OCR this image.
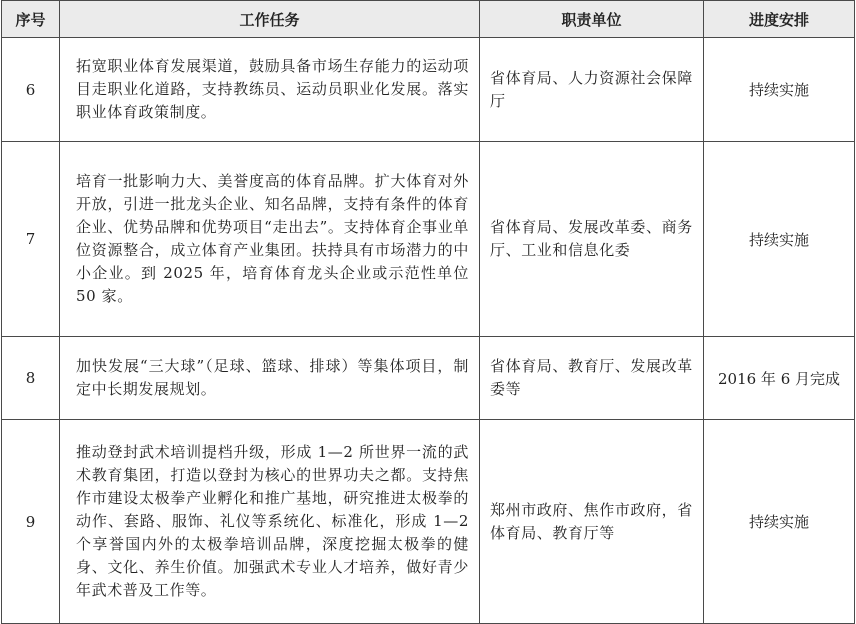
序号	工作任务	职责单位	进度安排
6	拓宽职业体育发展渠道，鼓励具备市场生存能力的运动项目走职业化道路，支持教练员、运动员职业化发展。落实职业体育政策制度。	省体育局、人力资源社会保障厅	持续实施
7	培育一批影响力大、美誉度高的体育品牌。扩大体育对外开放，引进一批龙头企业、知名品牌，支持有条件的体育企业、优势品牌和优势项目“走出去”。支持体育企事业单位资源整合，成立体育产业集团。扶持具有市场潜力的中小企业。到 2025 年，培育体育龙头企业或示范性单位 50 家。	省体育局、发展改革委、商务厅、工业和信息化委	持续实施
8	加快发展“三大球”（足球、篮球、排球）等集体项目，制定中长期发展规划。	省体育局、教育厅、发展改革委等	2016 年 6 月完成
9	推动登封武术培训提档升级，形成 1—2 所世界一流的武术教育集团，打造以登封为核心的世界功夫之都。支持焦作市建设太极拳产业孵化和推广基地，研究推进太极拳的动作、套路、服饰、礼仪等系统化、标准化，形成 1—2 个享誉国内外的太极拳培训品牌，深度挖掘太极拳的健身、文化、养生价值。加强武术专业人才培养，做好青少年武术普及工作等。	郑州市政府、焦作市政府，省体育局、教育厅等	持续实施
